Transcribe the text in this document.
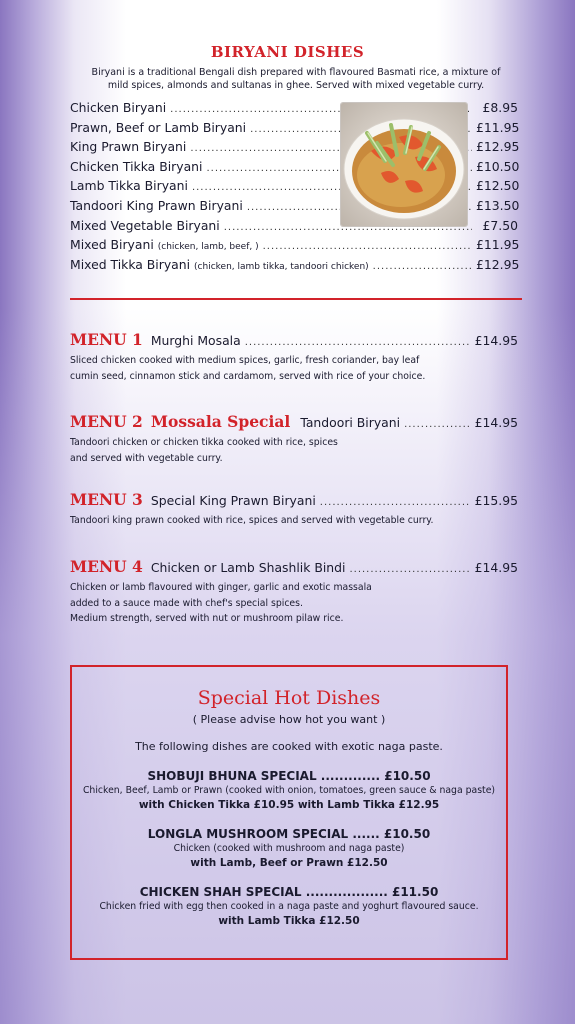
BIRYANI DISHES
Biryani is a traditional Bengali dish prepared with flavoured Basmati rice, a mixture of
mild spices, almonds and sultanas in ghee. Served with mixed vegetable curry.
Chicken Biryani .....	£8.95
Prawn, Beef or Lamb Biryani .....	£11.95
King Prawn Biryani .....	£12.95
Chicken Tikka Biryani .....	£10.50
Lamb Tikka Biryani .....	£12.50
Tandoori King Prawn Biryani .....	£13.50
Mixed Vegetable Biryani .....	£7.50
Mixed Biryani (chicken, lamb, beef, ) .....	£11.95
Mixed Tikka Biryani (chicken, lamb tikka, tandoori chicken) .....	£12.95
MENU 1 Murghi Mosala .....	£14.95
Sliced chicken cooked with medium spices, garlic, fresh coriander, bay leaf
cumin seed, cinnamon stick and cardamom, served with rice of your choice.
MENU 2 Mossala Special Tandoori Biryani .....	£14.95
Tandoori chicken or chicken tikka cooked with rice, spices
and served with vegetable curry.
MENU 3 Special King Prawn Biryani .....	£15.95
Tandoori king prawn cooked with rice, spices and served with vegetable curry.
MENU 4 Chicken or Lamb Shashlik Bindi .....	£14.95
Chicken or lamb flavoured with ginger, garlic and exotic massala
added to a sauce made with chef's special spices.
Medium strength, served with nut or mushroom pilaw rice.
Special Hot Dishes
( Please advise how hot you want )
The following dishes are cooked with exotic naga paste.
SHOBUJI BHUNA SPECIAL ............. £10.50
Chicken, Beef, Lamb or Prawn (cooked with onion, tomatoes, green sauce & naga paste)
with Chicken Tikka £10.95 with Lamb Tikka £12.95
LONGLA MUSHROOM SPECIAL ...... £10.50
Chicken (cooked with mushroom and naga paste)
with Lamb, Beef or Prawn £12.50
CHICKEN SHAH SPECIAL .................. £11.50
Chicken fried with egg then cooked in a naga paste and yoghurt flavoured sauce.
with Lamb Tikka £12.50
